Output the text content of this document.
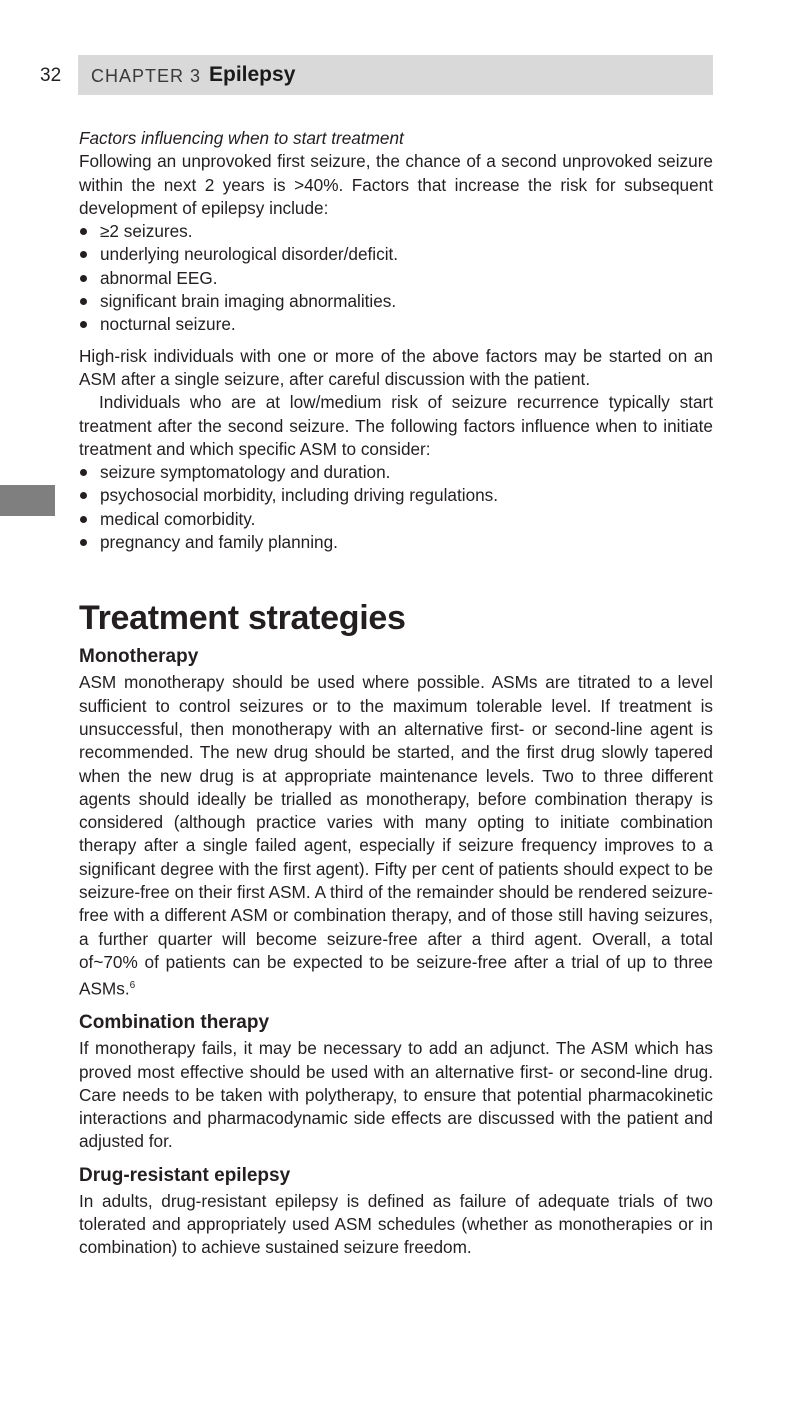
32 CHAPTER 3 Epilepsy
Factors influencing when to start treatment

Following an unprovoked first seizure, the chance of a second unprovoked seizure within the next 2 years is >40%. Factors that increase the risk for subsequent development of epilepsy include:

≥2 seizures.
underlying neurological disorder/deficit.
abnormal EEG.
significant brain imaging abnormalities.
nocturnal seizure.

High-risk individuals with one or more of the above factors may be started on an ASM after a single seizure, after careful discussion with the patient.

Individuals who are at low/medium risk of seizure recurrence typically start treatment after the second seizure. The following factors influence when to initiate treatment and which specific ASM to consider:

seizure symptomatology and duration.
psychosocial morbidity, including driving regulations.
medical comorbidity.
pregnancy and family planning.
Treatment strategies
Monotherapy

ASM monotherapy should be used where possible. ASMs are titrated to a level sufficient to control seizures or to the maximum tolerable level. If treatment is unsuccessful, then monotherapy with an alternative first- or second-line agent is recommended. The new drug should be started, and the first drug slowly tapered when the new drug is at appropriate maintenance levels. Two to three different agents should ideally be trialled as monotherapy, before combination therapy is considered (although practice varies with many opting to initiate combination therapy after a single failed agent, especially if seizure frequency improves to a significant degree with the first agent). Fifty per cent of patients should expect to be seizure-free on their first ASM. A third of the remainder should be rendered seizure-free with a different ASM or combination therapy, and of those still having seizures, a further quarter will become seizure-free after a third agent. Overall, a total of~70% of patients can be expected to be seizure-free after a trial of up to three ASMs.$^6$

Combination therapy

If monotherapy fails, it may be necessary to add an adjunct. The ASM which has proved most effective should be used with an alternative first- or second-line drug. Care needs to be taken with polytherapy, to ensure that potential pharmacokinetic interactions and pharmacodynamic side effects are discussed with the patient and adjusted for.

Drug-resistant epilepsy

In adults, drug-resistant epilepsy is defined as failure of adequate trials of two tolerated and appropriately used ASM schedules (whether as monotherapies or in combination) to achieve sustained seizure freedom.
